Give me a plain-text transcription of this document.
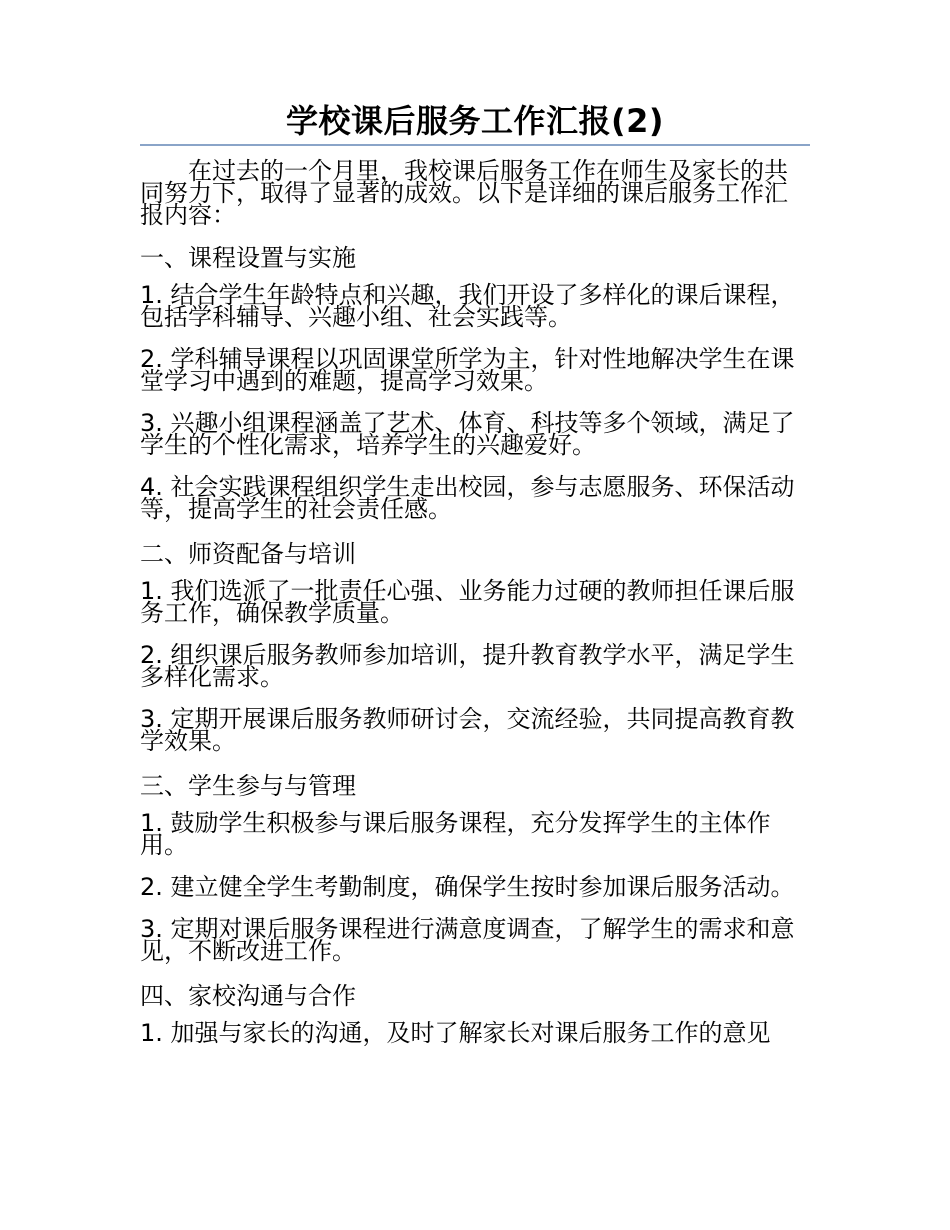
学校课后服务工作汇报(2)

在过去的一个月里，我校课后服务工作在师生及家长的共同努力下，取得了显著的成效。以下是详细的课后服务工作汇报内容：

一、课程设置与实施

1. 结合学生年龄特点和兴趣，我们开设了多样化的课后课程，包括学科辅导、兴趣小组、社会实践等。

2. 学科辅导课程以巩固课堂所学为主，针对性地解决学生在课堂学习中遇到的难题，提高学习效果。

3. 兴趣小组课程涵盖了艺术、体育、科技等多个领域，满足了学生的个性化需求，培养学生的兴趣爱好。

4. 社会实践课程组织学生走出校园，参与志愿服务、环保活动等，提高学生的社会责任感。

二、师资配备与培训

1. 我们选派了一批责任心强、业务能力过硬的教师担任课后服务工作，确保教学质量。

2. 组织课后服务教师参加培训，提升教育教学水平，满足学生多样化需求。

3. 定期开展课后服务教师研讨会，交流经验，共同提高教育教学效果。

三、学生参与与管理

1. 鼓励学生积极参与课后服务课程，充分发挥学生的主体作用。

2. 建立健全学生考勤制度，确保学生按时参加课后服务活动。

3. 定期对课后服务课程进行满意度调查，了解学生的需求和意见，不断改进工作。

四、家校沟通与合作

1. 加强与家长的沟通，及时了解家长对课后服务工作的意见
